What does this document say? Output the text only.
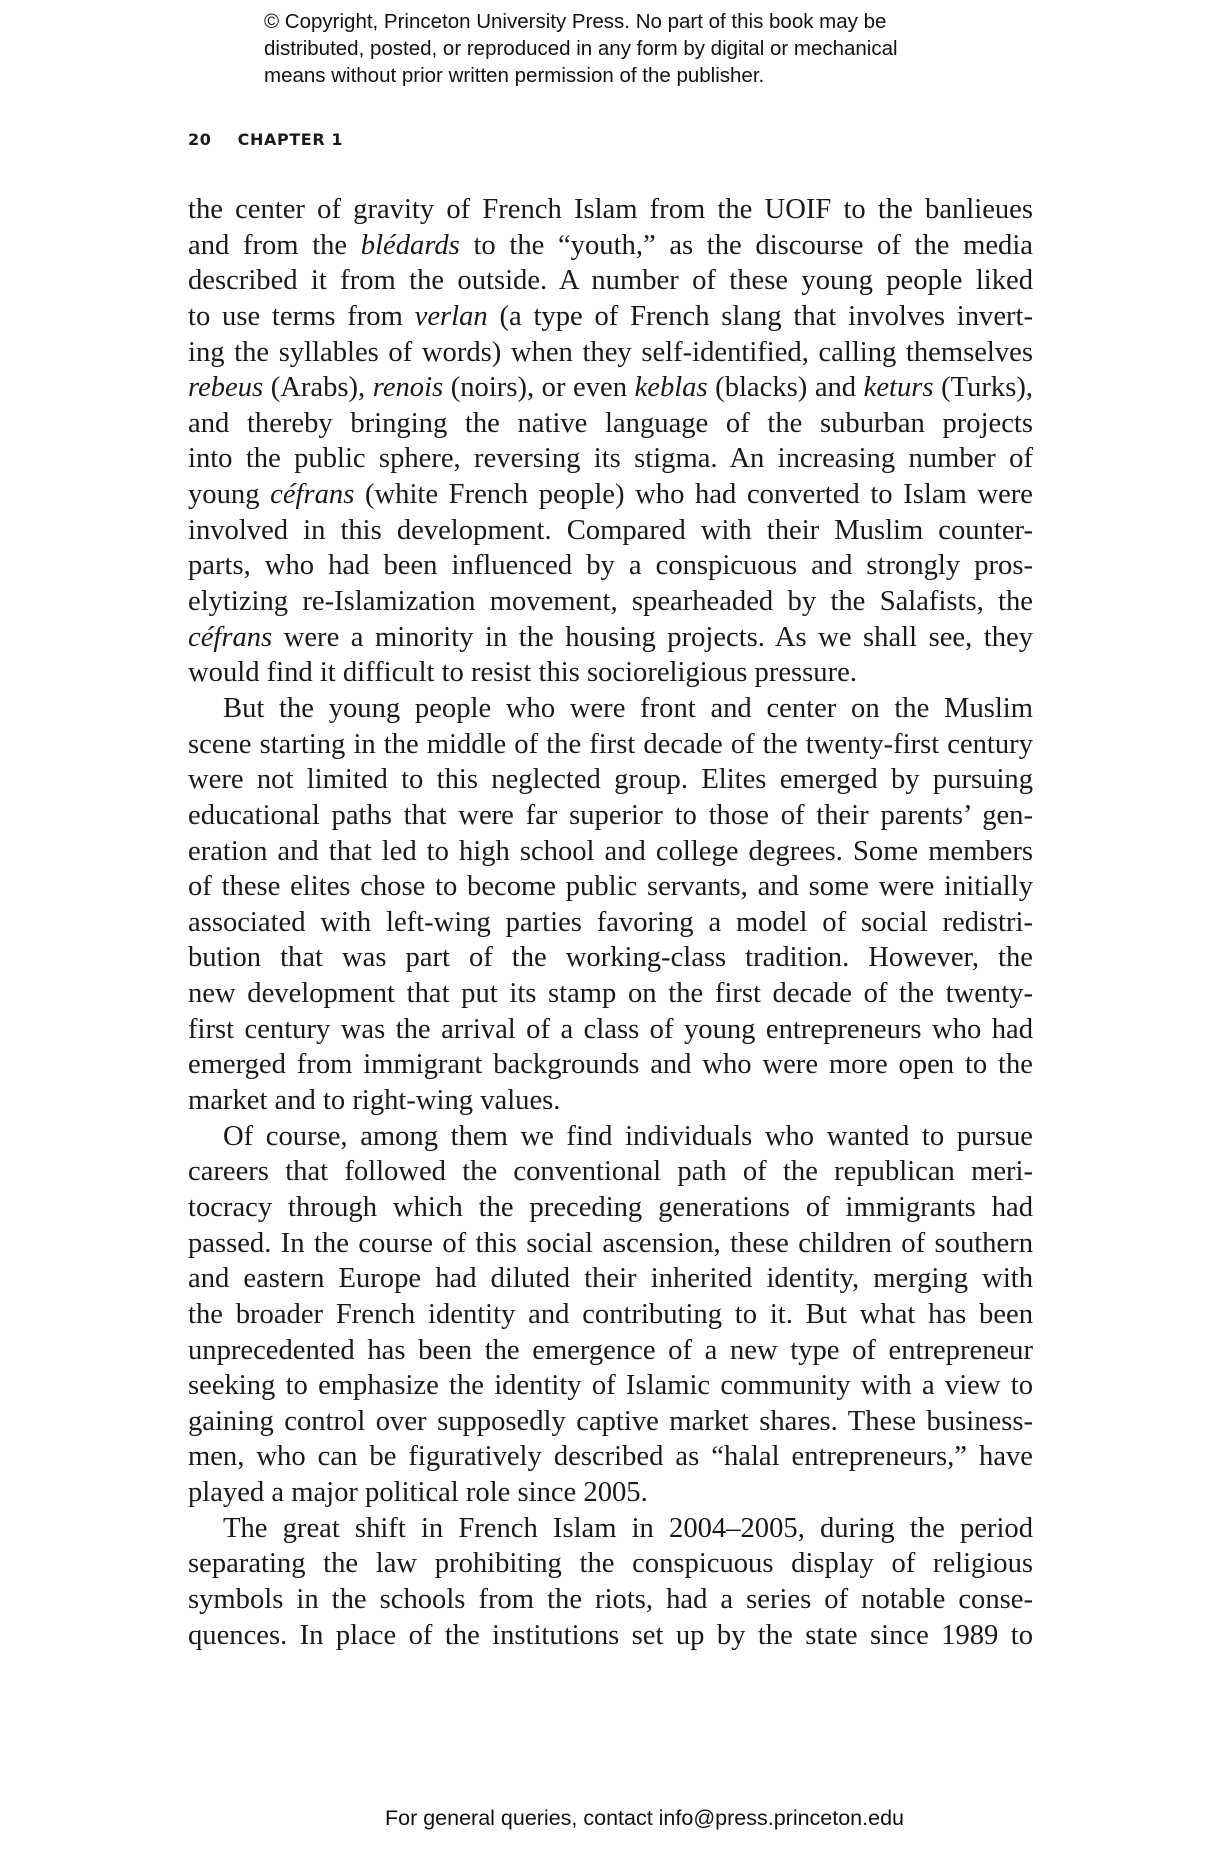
© Copyright, Princeton University Press. No part of this book may be
distributed, posted, or reproduced in any form by digital or mechanical
means without prior written permission of the publisher.
20 CHAPTER 1
the center of gravity of French Islam from the UOIF to the banlieues
and from the blédards to the “youth,” as the discourse of the media
described it from the outside. A number of these young people liked
to use terms from verlan (a type of French slang that involves invert-
ing the syllables of words) when they self-identified, calling themselves
rebeus (Arabs), renois (noirs), or even keblas (blacks) and keturs (Turks),
and thereby bringing the native language of the suburban projects
into the public sphere, reversing its stigma. An increasing number of
young céfrans (white French people) who had converted to Islam were
involved in this development. Compared with their Muslim counter-
parts, who had been influenced by a conspicuous and strongly pros-
elytizing re-Islamization movement, spearheaded by the Salafists, the
céfrans were a minority in the housing projects. As we shall see, they
would find it difficult to resist this socioreligious pressure.
But the young people who were front and center on the Muslim
scene starting in the middle of the first decade of the twenty-first century
were not limited to this neglected group. Elites emerged by pursuing
educational paths that were far superior to those of their parents’ gen-
eration and that led to high school and college degrees. Some members
of these elites chose to become public servants, and some were initially
associated with left-wing parties favoring a model of social redistri-
bution that was part of the working-class tradition. However, the
new development that put its stamp on the first decade of the twenty-
first century was the arrival of a class of young entrepreneurs who had
emerged from immigrant backgrounds and who were more open to the
market and to right-wing values.
Of course, among them we find individuals who wanted to pursue
careers that followed the conventional path of the republican meri-
tocracy through which the preceding generations of immigrants had
passed. In the course of this social ascension, these children of southern
and eastern Europe had diluted their inherited identity, merging with
the broader French identity and contributing to it. But what has been
unprecedented has been the emergence of a new type of entrepreneur
seeking to emphasize the identity of Islamic community with a view to
gaining control over supposedly captive market shares. These business-
men, who can be figuratively described as “halal entrepreneurs,” have
played a major political role since 2005.
The great shift in French Islam in 2004–2005, during the period
separating the law prohibiting the conspicuous display of religious
symbols in the schools from the riots, had a series of notable conse-
quences. In place of the institutions set up by the state since 1989 to
For general queries, contact info@press.princeton.edu
